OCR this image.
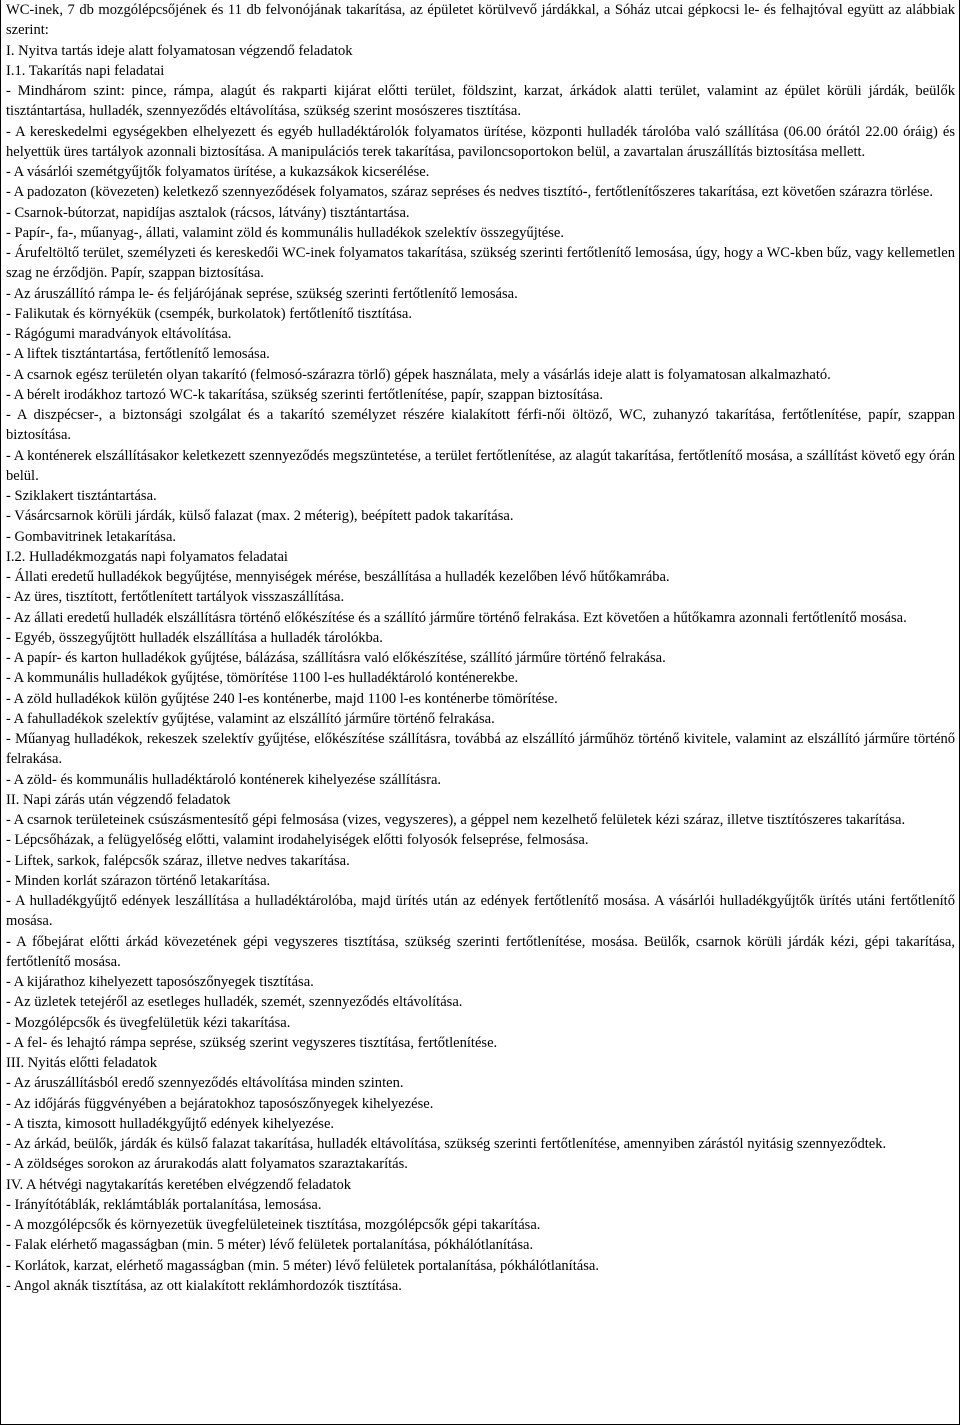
WC-inek, 7 db mozgólépcsőjének és 11 db felvonójának takarítása, az épületet körülvevő járdákkal, a Sóház utcai gépkocsi le- és felhajtóval együtt az alábbiak szerint:

I. Nyitva tartás ideje alatt folyamatosan végzendő feladatok

I.1. Takarítás napi feladatai

- Mindhárom szint: pince, rámpa, alagút és rakparti kijárat előtti terület, földszint, karzat, árkádok alatti terület, valamint az épület körüli járdák, beülők tisztántartása, hulladék, szennyeződés eltávolítása, szükség szerint mosószeres tisztítása.

- A kereskedelmi egységekben elhelyezett és egyéb hulladéktárolók folyamatos ürítése, központi hulladék tárolóba való szállítása (06.00 órától 22.00 óráig) és helyettük üres tartályok azonnali biztosítása. A manipulációs terek takarítása, paviloncsoportokon belül, a zavartalan áruszállítás biztosítása mellett.

- A vásárlói szemétgyűjtők folyamatos ürítése, a kukazsákok kicserélése.

- A padozaton (kövezeten) keletkező szennyeződések folyamatos, száraz sepréses és nedves tisztító-, fertőtlenítőszeres takarítása, ezt követően szárazra törlése.

- Csarnok-bútorzat, napidíjas asztalok (rácsos, látvány) tisztántartása.

- Papír-, fa-, műanyag-, állati, valamint zöld és kommunális hulladékok szelektív összegyűjtése.

- Árufeltöltő terület, személyzeti és kereskedői WC-inek folyamatos takarítása, szükség szerinti fertőtlenítő lemosása, úgy, hogy a WC-kben bűz, vagy kellemetlen szag ne érződjön. Papír, szappan biztosítása.

- Az áruszállító rámpa le- és feljárójának seprése, szükség szerinti fertőtlenítő lemosása.

- Falikutak és környékük (csempék, burkolatok) fertőtlenítő tisztítása.

- Rágógumi maradványok eltávolítása.

- A liftek tisztántartása, fertőtlenítő lemosása.

- A csarnok egész területén olyan takarító (felmosó-szárazra törlő) gépek használata, mely a vásárlás ideje alatt is folyamatosan alkalmazható.

- A bérelt irodákhoz tartozó WC-k takarítása, szükség szerinti fertőtlenítése, papír, szappan biztosítása.

- A diszpécser-, a biztonsági szolgálat és a takarító személyzet részére kialakított férfi-női öltöző, WC, zuhanyzó takarítása, fertőtlenítése, papír, szappan biztosítása.

- A konténerek elszállításakor keletkezett szennyeződés megszüntetése, a terület fertőtlenítése, az alagút takarítása, fertőtlenítő mosása, a szállítást követő egy órán belül.

- Sziklakert tisztántartása.

- Vásárcsarnok körüli járdák, külső falazat (max. 2 méterig), beépített padok takarítása.

- Gombavitrinek letakarítása.

I.2. Hulladékmozgatás napi folyamatos feladatai

- Állati eredetű hulladékok begyűjtése, mennyiségek mérése, beszállítása a hulladék kezelőben lévő hűtőkamrába.

- Az üres, tisztított, fertőtlenített tartályok visszaszállítása.

- Az állati eredetű hulladék elszállításra történő előkészítése és a szállító járműre történő felrakása. Ezt követően a hűtőkamra azonnali fertőtlenítő mosása.

- Egyéb, összegyűjtött hulladék elszállítása a hulladék tárolókba.

- A papír- és karton hulladékok gyűjtése, bálázása, szállításra való előkészítése, szállító járműre történő felrakása.

- A kommunális hulladékok gyűjtése, tömörítése 1100 l-es hulladéktároló konténerekbe.

- A zöld hulladékok külön gyűjtése 240 l-es konténerbe, majd 1100 l-es konténerbe tömörítése.

- A fahulladékok szelektív gyűjtése, valamint az elszállító járműre történő felrakása.

- Műanyag hulladékok, rekeszek szelektív gyűjtése, előkészítése szállításra, továbbá az elszállító járműhöz történő kivitele, valamint az elszállító járműre történő felrakása.

- A zöld- és kommunális hulladéktároló konténerek kihelyezése szállításra.

II. Napi zárás után végzendő feladatok

- A csarnok területeinek csúszásmentesítő gépi felmosása (vizes, vegyszeres), a géppel nem kezelhető felületek kézi száraz, illetve tisztítószeres takarítása.

- Lépcsőházak, a felügyelőség előtti, valamint irodahelyiségek előtti folyosók felseprése, felmosása.

- Liftek, sarkok, falépcsők száraz, illetve nedves takarítása.

- Minden korlát szárazon történő letakarítása.

- A hulladékgyűjtő edények leszállítása a hulladéktárolóba, majd ürítés után az edények fertőtlenítő mosása. A vásárlói hulladékgyűjtők ürítés utáni fertőtlenítő mosása.

- A főbejárat előtti árkád kövezetének gépi vegyszeres tisztítása, szükség szerinti fertőtlenítése, mosása. Beülők, csarnok körüli járdák kézi, gépi takarítása, fertőtlenítő mosása.

- A kijárathoz kihelyezett taposószőnyegek tisztítása.

- Az üzletek tetejéről az esetleges hulladék, szemét, szennyeződés eltávolítása.

- Mozgólépcsők és üvegfelületük kézi takarítása.

- A fel- és lehajtó rámpa seprése, szükség szerint vegyszeres tisztítása, fertőtlenítése.

III. Nyitás előtti feladatok

- Az áruszállításból eredő szennyeződés eltávolítása minden szinten.

- Az időjárás függvényében a bejáratokhoz taposószőnyegek kihelyezése.

- A tiszta, kimosott hulladékgyűjtő edények kihelyezése.

- Az árkád, beülők, járdák és külső falazat takarítása, hulladék eltávolítása, szükség szerinti fertőtlenítése, amennyiben zárástól nyitásig szennyeződtek.

- A zöldséges sorokon az árurakodás alatt folyamatos szaraztakarítás.

IV. A hétvégi nagytakarítás keretében elvégzendő feladatok

- Irányítótáblák, reklámtáblák portalanítása, lemosása.

- A mozgólépcsők és környezetük üvegfelületeinek tisztítása, mozgólépcsők gépi takarítása.

- Falak elérhető magasságban (min. 5 méter) lévő felületek portalanítása, pókhálótlanítása.

- Korlátok, karzat, elérhető magasságban (min. 5 méter) lévő felületek portalanítása, pókhálótlanítása.

- Angol aknák tisztítása, az ott kialakított reklámhordozók tisztítása.
